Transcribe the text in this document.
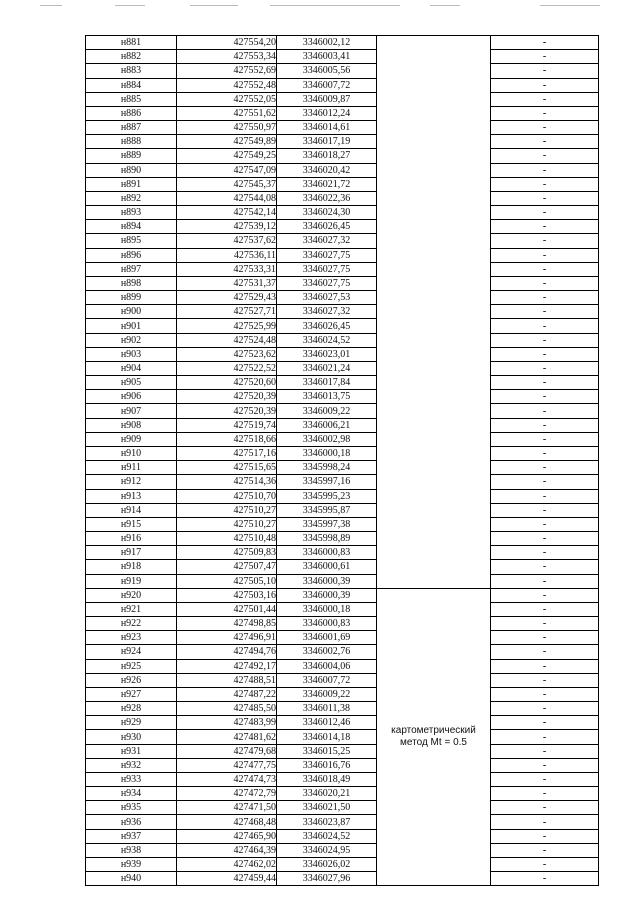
н881	427554,20	3346002,12		-
н882	427553,34	3346003,41		-
н883	427552,69	3346005,56		-
н884	427552,48	3346007,72		-
н885	427552,05	3346009,87		-
н886	427551,62	3346012,24		-
н887	427550,97	3346014,61		-
н888	427549,89	3346017,19		-
н889	427549,25	3346018,27		-
н890	427547,09	3346020,42		-
н891	427545,37	3346021,72		-
н892	427544,08	3346022,36		-
н893	427542,14	3346024,30		-
н894	427539,12	3346026,45		-
н895	427537,62	3346027,32		-
н896	427536,11	3346027,75		-
н897	427533,31	3346027,75		-
н898	427531,37	3346027,75		-
н899	427529,43	3346027,53		-
н900	427527,71	3346027,32		-
н901	427525,99	3346026,45		-
н902	427524,48	3346024,52		-
н903	427523,62	3346023,01		-
н904	427522,52	3346021,24		-
н905	427520,60	3346017,84		-
н906	427520,39	3346013,75		-
н907	427520,39	3346009,22		-
н908	427519,74	3346006,21		-
н909	427518,66	3346002,98		-
н910	427517,16	3346000,18		-
н911	427515,65	3345998,24		-
н912	427514,36	3345997,16		-
н913	427510,70	3345995,23		-
н914	427510,27	3345995,87		-
н915	427510,27	3345997,38		-
н916	427510,48	3345998,89		-
н917	427509,83	3346000,83		-
н918	427507,47	3346000,61		-
н919	427505,10	3346000,39		-
н920	427503,16	3346000,39	картометрический метод Mt = 0.5	-
н921	427501,44	3346000,18		-
н922	427498,85	3346000,83		-
н923	427496,91	3346001,69		-
н924	427494,76	3346002,76		-
н925	427492,17	3346004,06		-
н926	427488,51	3346007,72		-
н927	427487,22	3346009,22		-
н928	427485,50	3346011,38		-
н929	427483,99	3346012,46		-
н930	427481,62	3346014,18		-
н931	427479,68	3346015,25		-
н932	427477,75	3346016,76		-
н933	427474,73	3346018,49		-
н934	427472,79	3346020,21		-
н935	427471,50	3346021,50		-
н936	427468,48	3346023,87		-
н937	427465,90	3346024,52		-
н938	427464,39	3346024,95		-
н939	427462,02	3346026,02		-
н940	427459,44	3346027,96		-
